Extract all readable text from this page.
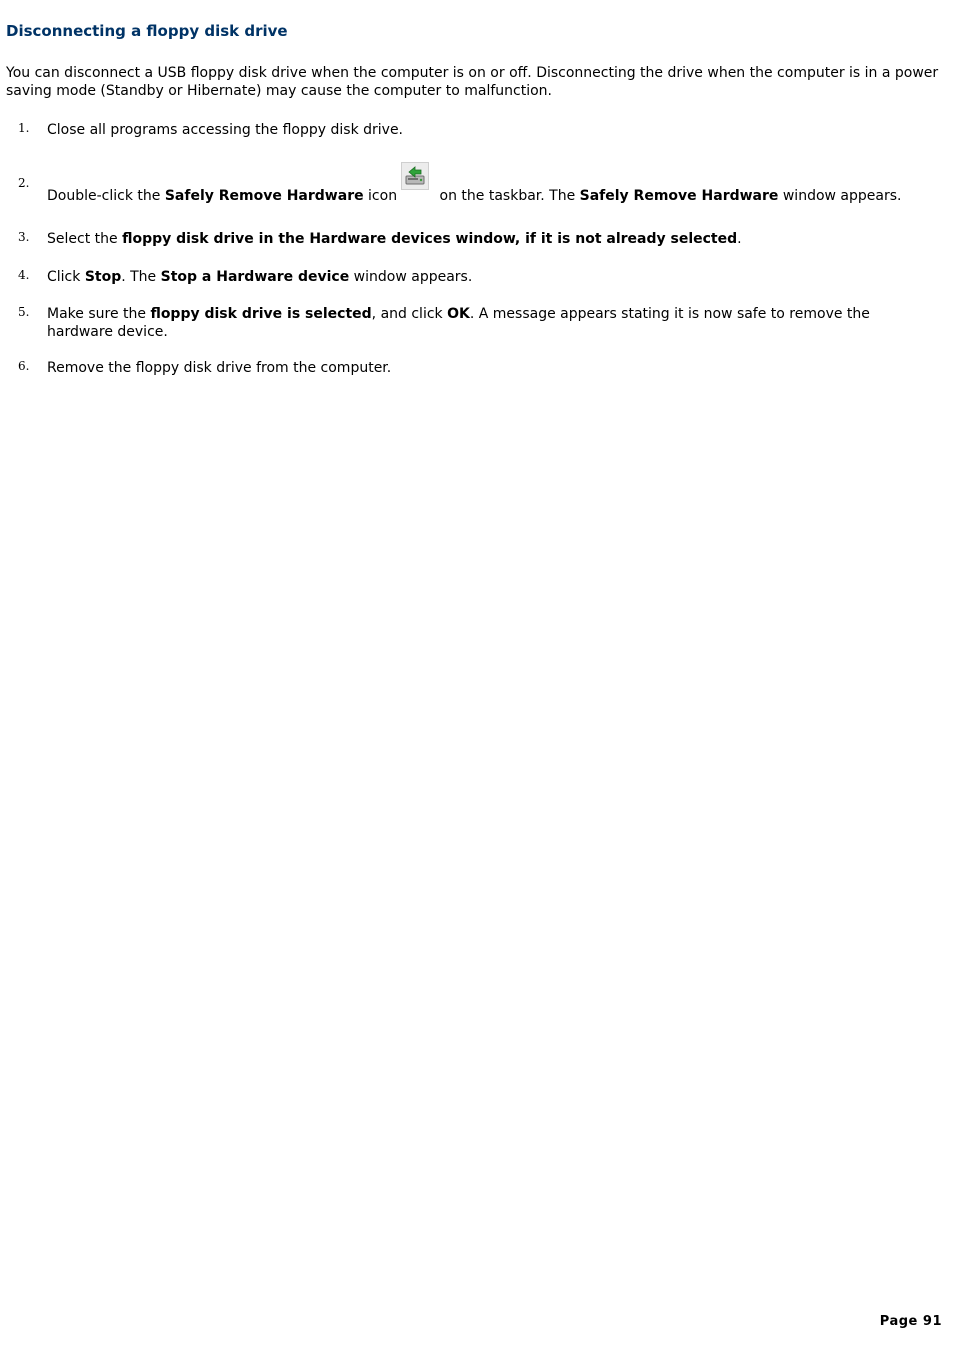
Disconnecting a floppy disk drive

You can disconnect a USB floppy disk drive when the computer is on or off. Disconnecting the drive when the computer is in a power saving mode (Standby or Hibernate) may cause the computer to malfunction.

1. Close all programs accessing the floppy disk drive.
2.
Double-click the Safely Remove Hardware icon	on the taskbar. The Safely Remove Hardware window appears.
3. Select the floppy disk drive in the Hardware devices window, if it is not already selected.
4. Click Stop. The Stop a Hardware device window appears.
5. Make sure the floppy disk drive is selected, and click OK. A message appears stating it is now safe to remove the hardware device.
6. Remove the floppy disk drive from the computer.
Page 91
